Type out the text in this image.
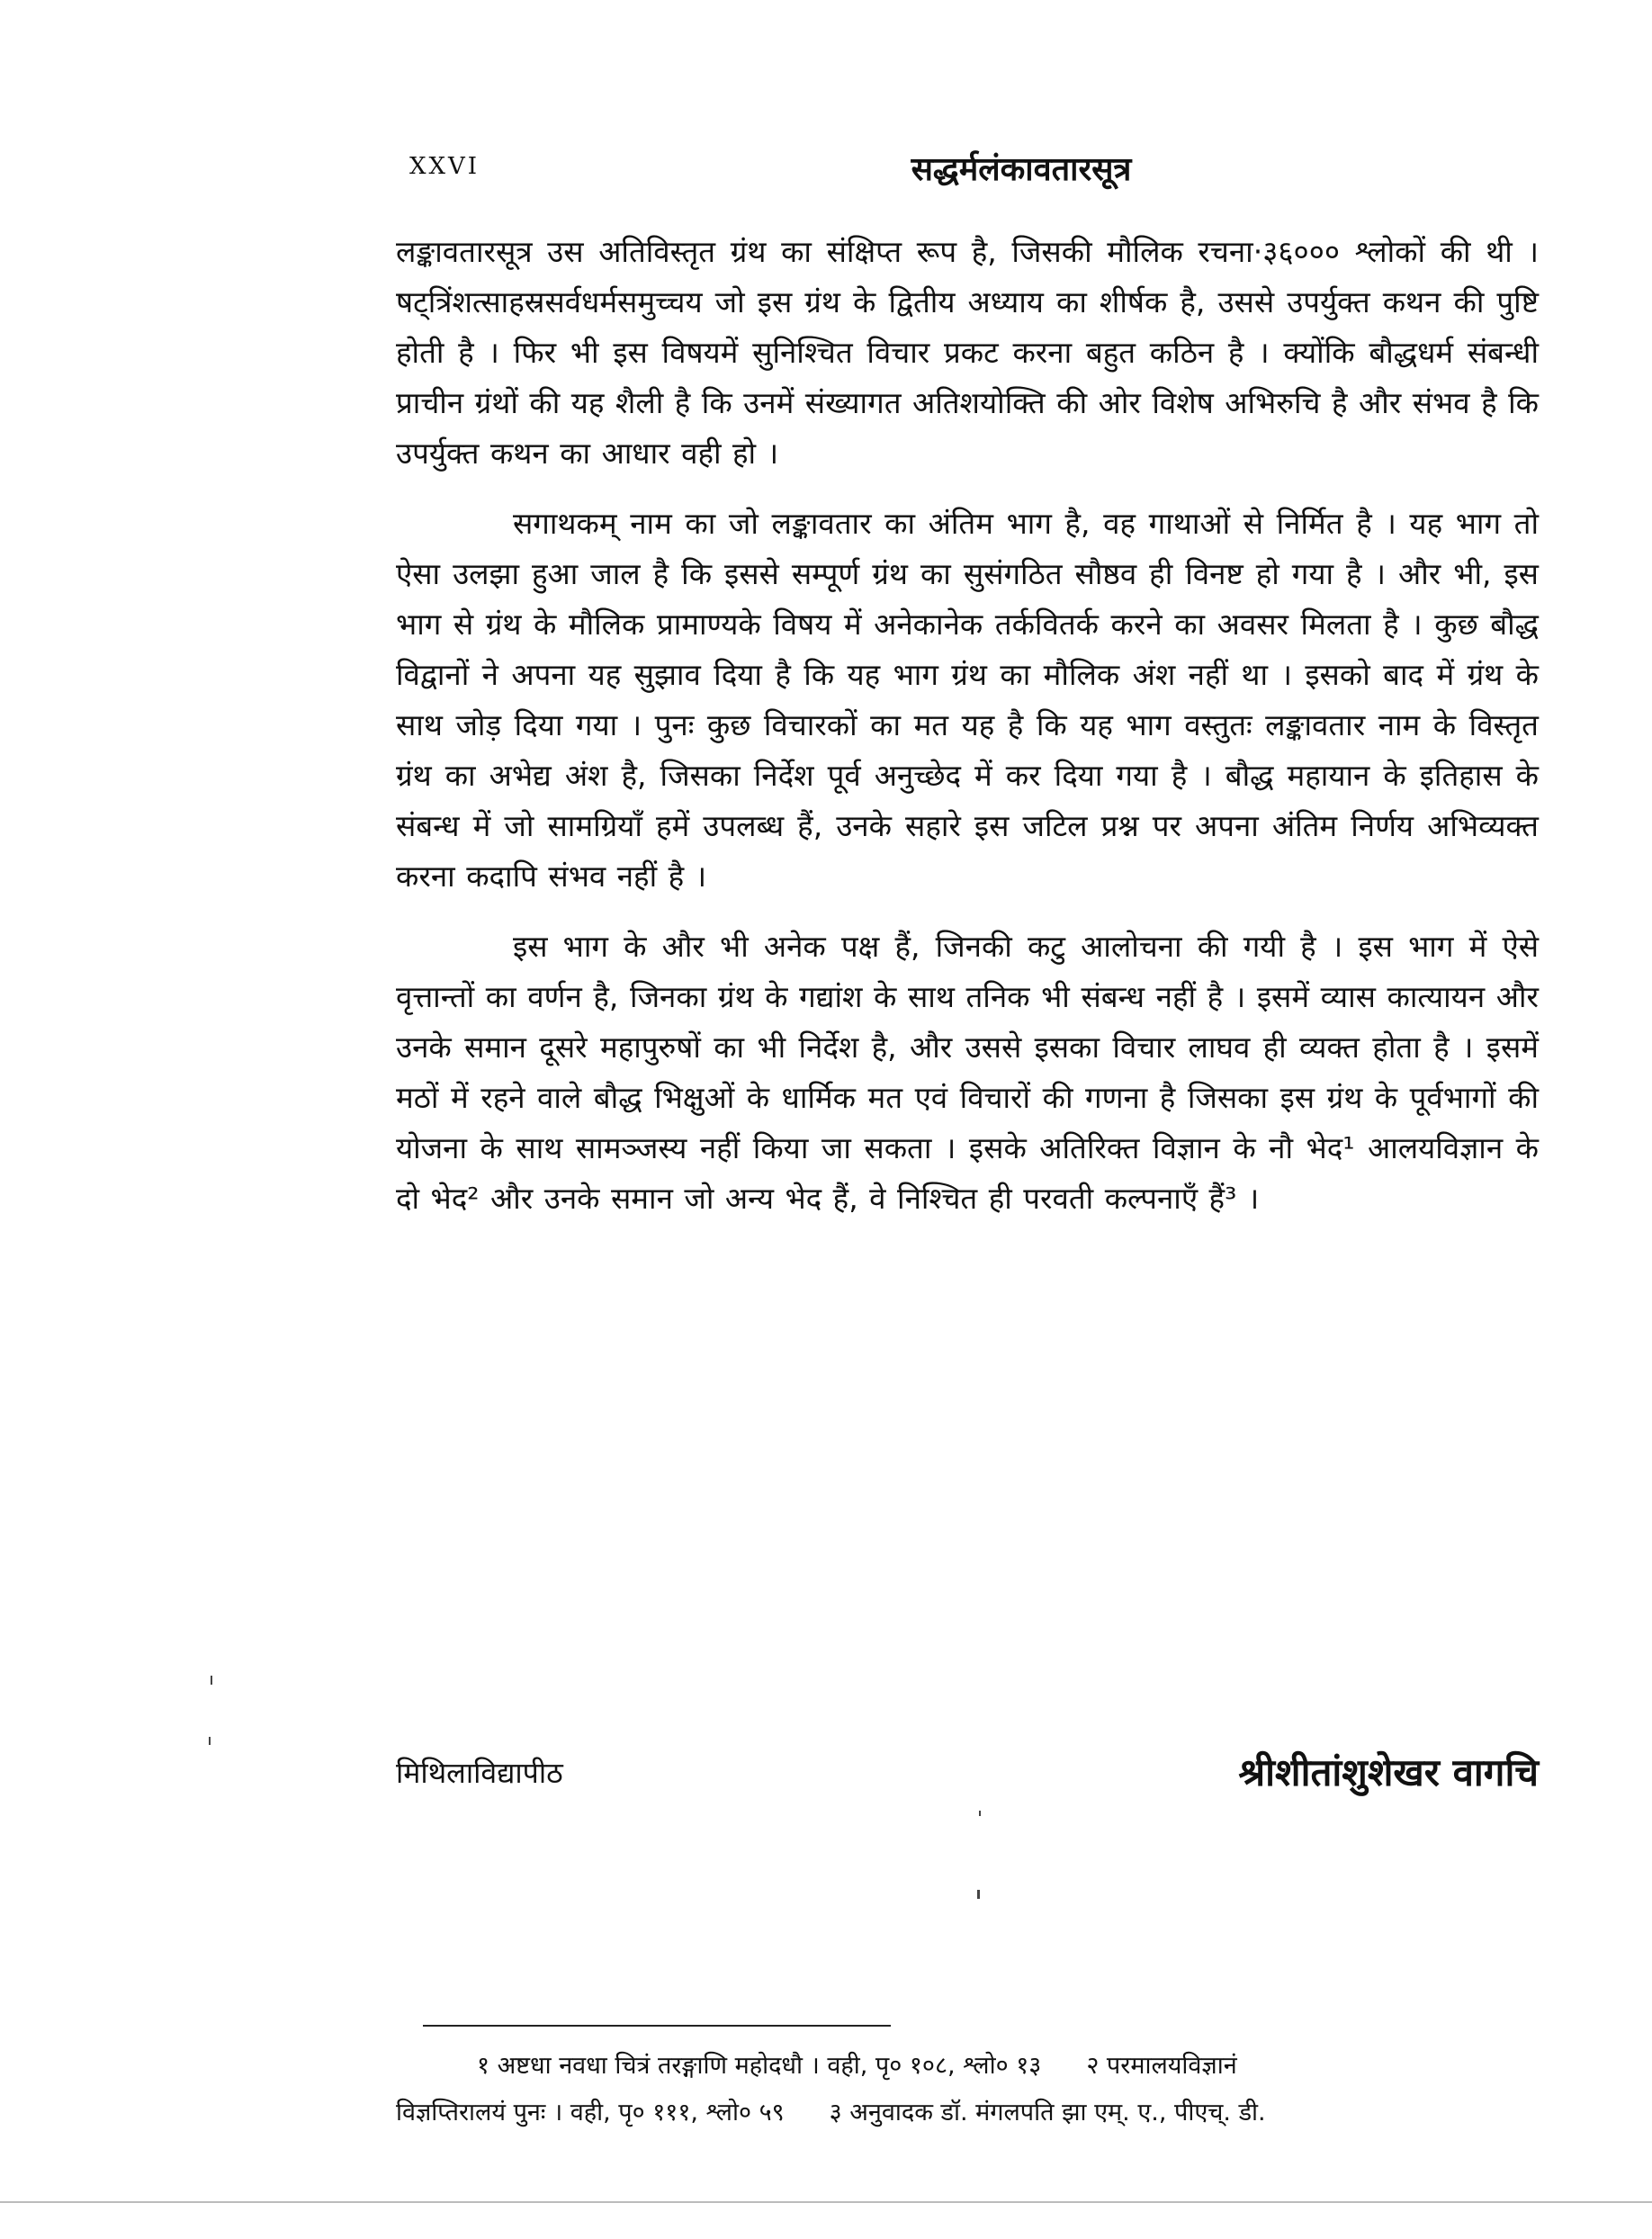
XXVI	सद्धर्मलंकावतारसूत्र

लङ्कावतारसूत्र उस अतिविस्तृत ग्रंथ का संक्षिप्त रूप है, जिसकी मौलिक रचना·३६००० श्लोकों की थी । षट्त्रिंशत्साहस्रसर्वधर्मसमुच्चय जो इस ग्रंथ के द्वितीय अध्याय का शीर्षक है, उससे उपर्युक्त कथन की पुष्टि होती है । फिर भी इस विषयमें सुनिश्चित विचार प्रकट करना बहुत कठिन है । क्योंकि बौद्धधर्म संबन्धी प्राचीन ग्रंथों की यह शैली है कि उनमें संख्यागत अतिशयोक्ति की ओर विशेष अभिरुचि है और संभव है कि उपर्युक्त कथन का आधार वही हो ।

सगाथकम् नाम का जो लङ्कावतार का अंतिम भाग है, वह गाथाओं से निर्मित है । यह भाग तो ऐसा उलझा हुआ जाल है कि इससे सम्पूर्ण ग्रंथ का सुसंगठित सौष्ठव ही विनष्ट हो गया है । और भी, इस भाग से ग्रंथ के मौलिक प्रामाण्यके विषय में अनेकानेक तर्कवितर्क करने का अवसर मिलता है । कुछ बौद्ध विद्वानों ने अपना यह सुझाव दिया है कि यह भाग ग्रंथ का मौलिक अंश नहीं था । इसको बाद में ग्रंथ के साथ जोड़ दिया गया । पुनः कुछ विचारकों का मत यह है कि यह भाग वस्तुतः लङ्कावतार नाम के विस्तृत ग्रंथ का अभेद्य अंश है, जिसका निर्देश पूर्व अनुच्छेद में कर दिया गया है । बौद्ध महायान के इतिहास के संबन्ध में जो सामग्रियाँ हमें उपलब्ध हैं, उनके सहारे इस जटिल प्रश्न पर अपना अंतिम निर्णय अभिव्यक्त करना कदापि संभव नहीं है ।

इस भाग के और भी अनेक पक्ष हैं, जिनकी कटु आलोचना की गयी है । इस भाग में ऐसे वृत्तान्तों का वर्णन है, जिनका ग्रंथ के गद्यांश के साथ तनिक भी संबन्ध नहीं है । इसमें व्यास कात्यायन और उनके समान दूसरे महापुरुषों का भी निर्देश है, और उससे इसका विचार लाघव ही व्यक्त होता है । इसमें मठों में रहने वाले बौद्ध भिक्षुओं के धार्मिक मत एवं विचारों की गणना है जिसका इस ग्रंथ के पूर्वभागों की योजना के साथ सामञ्जस्य नहीं किया जा सकता । इसके अतिरिक्त विज्ञान के नौ भेद¹ आलयविज्ञान के दो भेद² और उनके समान जो अन्य भेद हैं, वे निश्चित ही परवती कल्पनाएँ हैं³ ।

मिथिलाविद्यापीठ	श्रीशीतांशुशेखर वागचि

१ अष्टधा नवधा चित्रं तरङ्गाणि महोदधौ । वही, पृ० १०८, श्लो० १३ २ परमालयविज्ञानं

विज्ञप्तिरालयं पुनः । वही, पृ० १११, श्लो० ५९ ३ अनुवादक डॉ. मंगलपति झा एम्. ए., पीएच्. डी.
